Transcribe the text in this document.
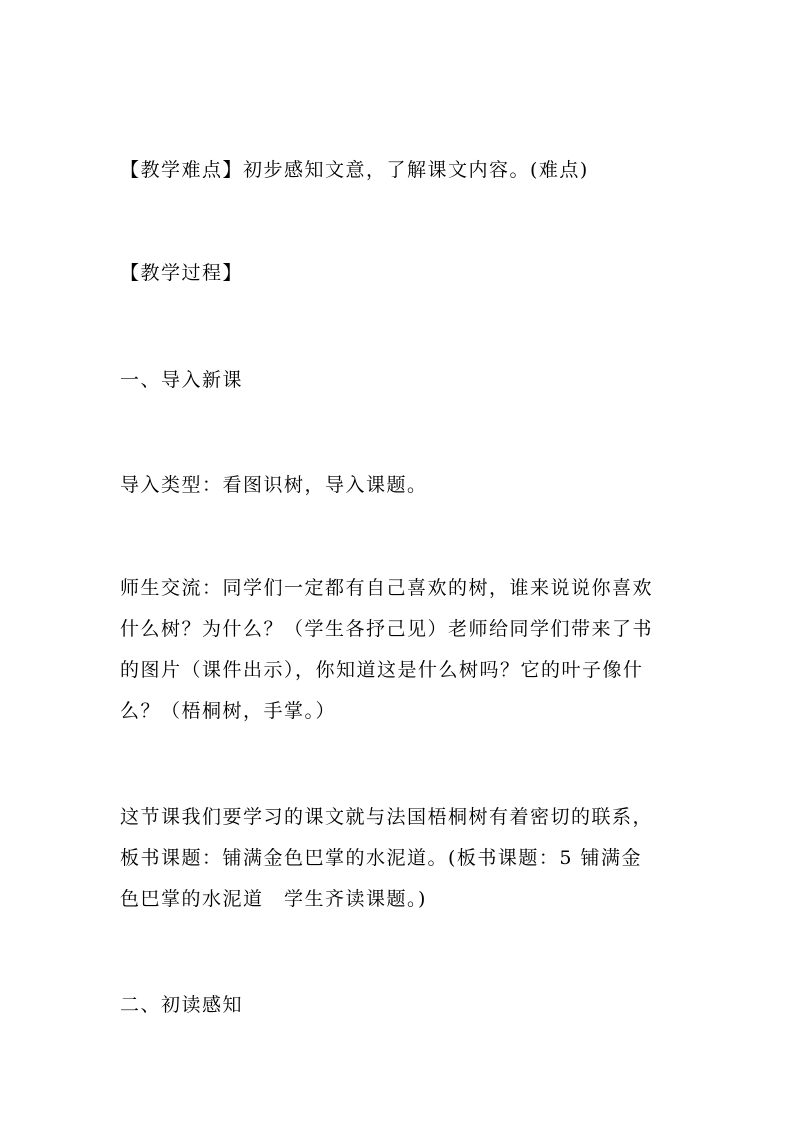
【教学难点】初步感知文意，了解课文内容。(难点)
【教学过程】
一、导入新课
导入类型：看图识树，导入课题。
师生交流：同学们一定都有自己喜欢的树，谁来说说你喜欢
什么树？为什么？（学生各抒己见）老师给同学们带来了书
的图片（课件出示），你知道这是什么树吗？它的叶子像什
么？（梧桐树，手掌。）
这节课我们要学习的课文就与法国梧桐树有着密切的联系，
板书课题：铺满金色巴掌的水泥道。(板书课题：5 铺满金
色巴掌的水泥道　学生齐读课题。)
二、初读感知
